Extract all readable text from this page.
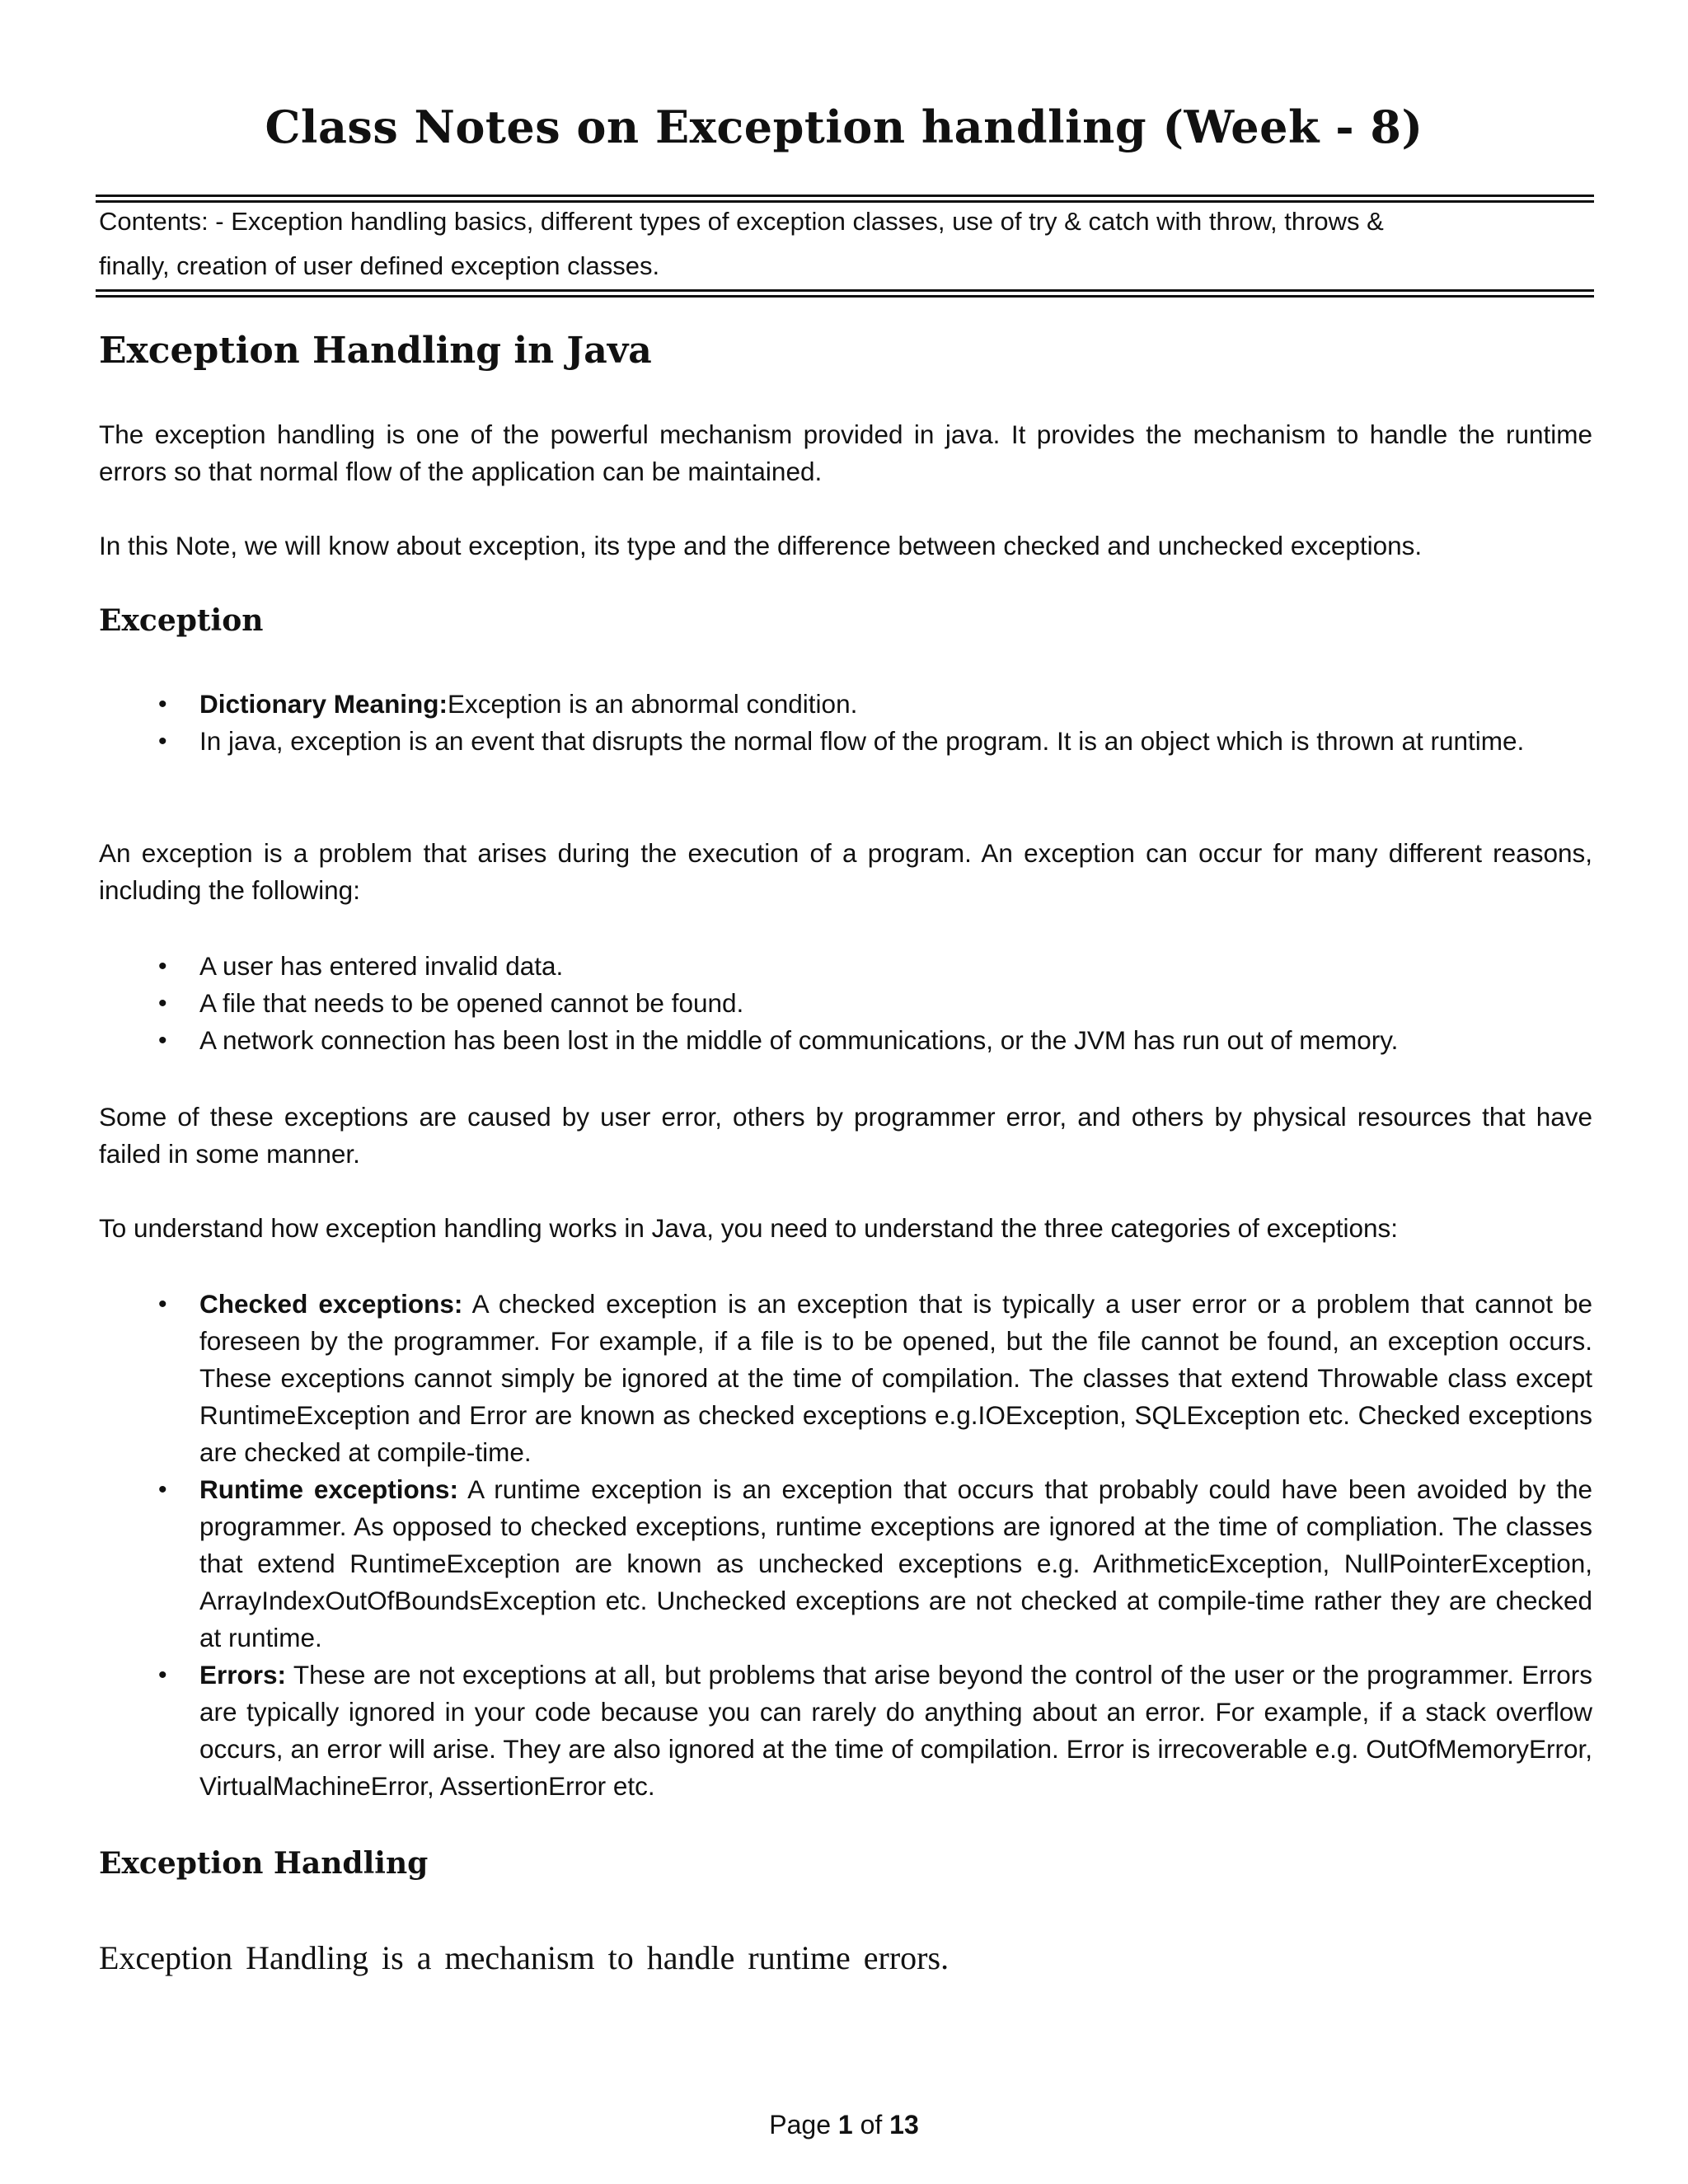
Class Notes on Exception handling (Week - 8)
Contents: - Exception handling basics, different types of exception classes, use of try & catch with throw, throws &
finally, creation of user defined exception classes.
Exception Handling in Java

The exception handling is one of the powerful mechanism provided in java. It provides the mechanism to handle the runtime errors so that normal flow of the application can be maintained.

In this Note, we will know about exception, its type and the difference between checked and unchecked exceptions.

Exception
• Dictionary Meaning:Exception is an abnormal condition.
• In java, exception is an event that disrupts the normal flow of the program. It is an object which is thrown at runtime.

An exception is a problem that arises during the execution of a program. An exception can occur for many different reasons, including the following:

• A user has entered invalid data.
• A file that needs to be opened cannot be found.
• A network connection has been lost in the middle of communications, or the JVM has run out of memory.

Some of these exceptions are caused by user error, others by programmer error, and others by physical resources that have failed in some manner.

To understand how exception handling works in Java, you need to understand the three categories of exceptions:

• Checked exceptions: A checked exception is an exception that is typically a user error or a problem that cannot be foreseen by the programmer. For example, if a file is to be opened, but the file cannot be found, an exception occurs. These exceptions cannot simply be ignored at the time of compilation. The classes that extend Throwable class except RuntimeException and Error are known as checked exceptions e.g.IOException, SQLException etc. Checked exceptions are checked at compile-time.
• Runtime exceptions: A runtime exception is an exception that occurs that probably could have been avoided by the programmer. As opposed to checked exceptions, runtime exceptions are ignored at the time of compliation. The classes that extend RuntimeException are known as unchecked exceptions e.g. ArithmeticException, NullPointerException, ArrayIndexOutOfBoundsException etc. Unchecked exceptions are not checked at compile-time rather they are checked at runtime.
• Errors: These are not exceptions at all, but problems that arise beyond the control of the user or the programmer. Errors are typically ignored in your code because you can rarely do anything about an error. For example, if a stack overflow occurs, an error will arise. They are also ignored at the time of compilation. Error is irrecoverable e.g. OutOfMemoryError, VirtualMachineError, AssertionError etc.
Exception Handling

Exception Handling is a mechanism to handle runtime errors.

Page 1 of 13
